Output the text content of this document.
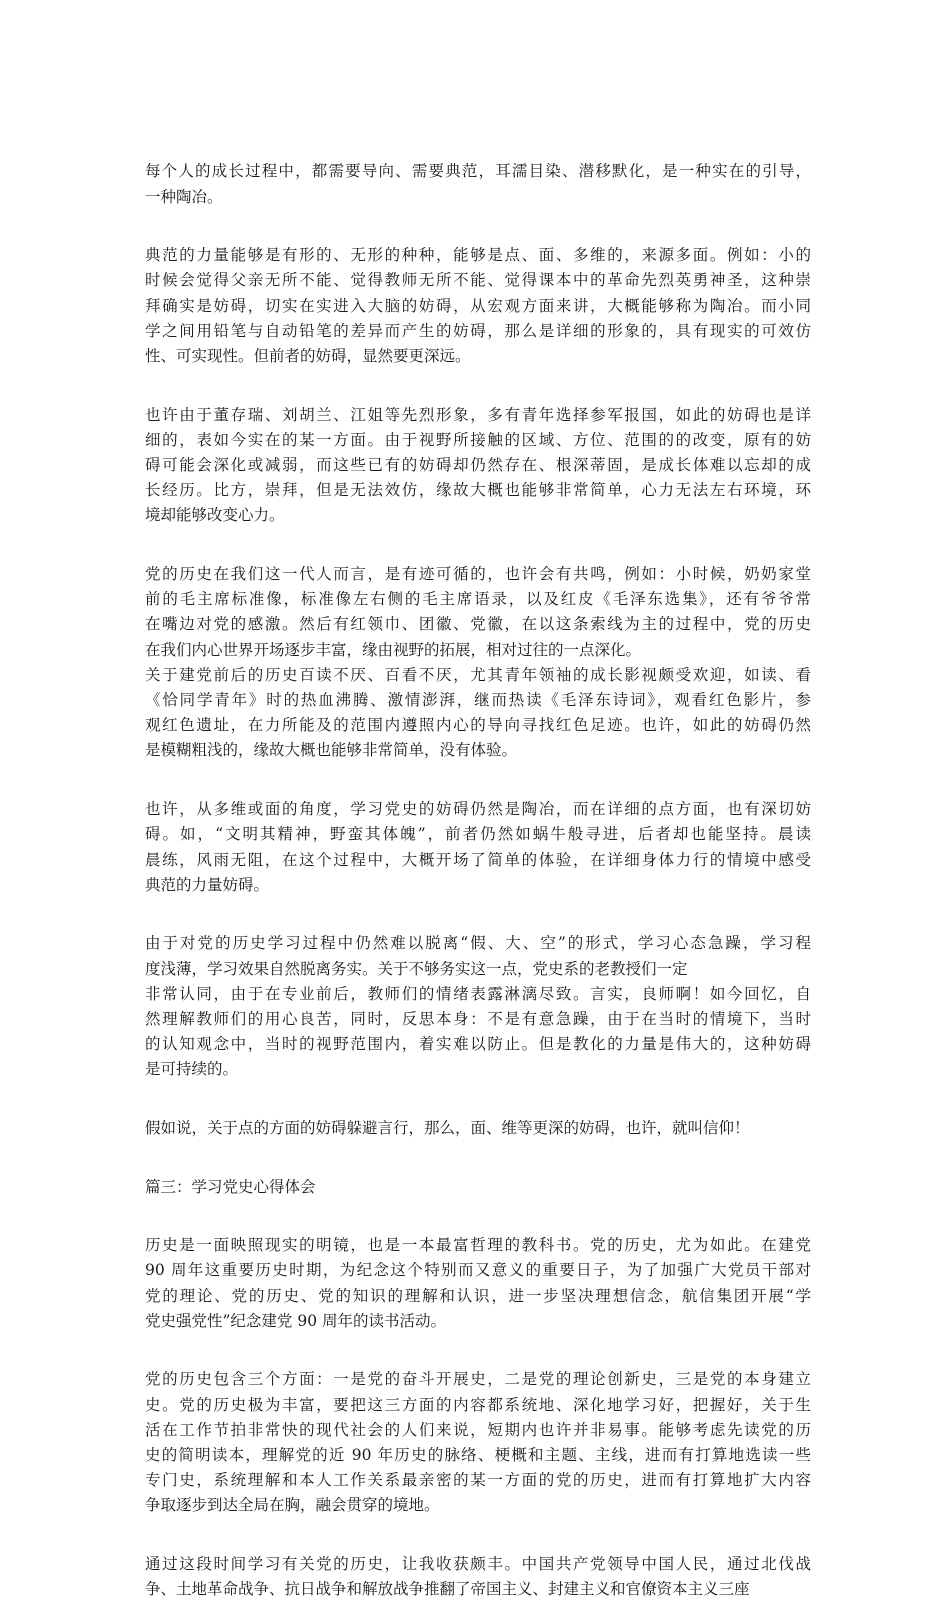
每个人的成长过程中，都需要导向、需要典范，耳濡目染、潜移默化，是一种实在的引导，
一种陶冶。
典范的力量能够是有形的、无形的种种，能够是点、面、多维的，来源多面。例如：小的
时候会觉得父亲无所不能、觉得教师无所不能、觉得课本中的革命先烈英勇神圣，这种崇
拜确实是妨碍，切实在实进入大脑的妨碍，从宏观方面来讲，大概能够称为陶冶。而小同
学之间用铅笔与自动铅笔的差异而产生的妨碍，那么是详细的形象的，具有现实的可效仿
性、可实现性。但前者的妨碍，显然要更深远。
也许由于董存瑞、刘胡兰、江姐等先烈形象，多有青年选择参军报国，如此的妨碍也是详
细的，表如今实在的某一方面。由于视野所接触的区域、方位、范围的的改变，原有的妨
碍可能会深化或减弱，而这些已有的妨碍却仍然存在、根深蒂固，是成长体难以忘却的成
长经历。比方，崇拜，但是无法效仿，缘故大概也能够非常简单，心力无法左右环境，环
境却能够改变心力。
党的历史在我们这一代人而言，是有迹可循的，也许会有共鸣，例如：小时候，奶奶家堂
前的毛主席标准像，标准像左右侧的毛主席语录，以及红皮《毛泽东选集》，还有爷爷常
在嘴边对党的感激。然后有红领巾、团徽、党徽，在以这条索线为主的过程中，党的历史
在我们内心世界开场逐步丰富，缘由视野的拓展，相对过往的一点深化。
关于建党前后的历史百读不厌、百看不厌，尤其青年领袖的成长影视颇受欢迎，如读、看
《恰同学青年》时的热血沸腾、激情澎湃，继而热读《毛泽东诗词》，观看红色影片，参
观红色遗址，在力所能及的范围内遵照内心的导向寻找红色足迹。也许，如此的妨碍仍然
是模糊粗浅的，缘故大概也能够非常简单，没有体验。
也许，从多维或面的角度，学习党史的妨碍仍然是陶冶，而在详细的点方面，也有深切妨
碍。如，“文明其精神，野蛮其体魄”，前者仍然如蜗牛般寻进，后者却也能坚持。晨读
晨练，风雨无阻，在这个过程中，大概开场了简单的体验，在详细身体力行的情境中感受
典范的力量妨碍。
由于对党的历史学习过程中仍然难以脱离“假、大、空”的形式，学习心态急躁，学习程
度浅薄，学习效果自然脱离务实。关于不够务实这一点，党史系的老教授们一定
非常认同，由于在专业前后，教师们的情绪表露淋漓尽致。言实，良师啊！如今回忆，自
然理解教师们的用心良苦，同时，反思本身：不是有意急躁，由于在当时的情境下，当时
的认知观念中，当时的视野范围内，着实难以防止。但是教化的力量是伟大的，这种妨碍
是可持续的。
假如说，关于点的方面的妨碍躲避言行，那么，面、维等更深的妨碍，也许，就叫信仰！
篇三：学习党史心得体会
历史是一面映照现实的明镜，也是一本最富哲理的教科书。党的历史，尤为如此。在建党
90 周年这重要历史时期，为纪念这个特别而又意义的重要日子，为了加强广大党员干部对
党的理论、党的历史、党的知识的理解和认识，进一步坚决理想信念，航信集团开展“学
党史强党性”纪念建党 90 周年的读书活动。
党的历史包含三个方面：一是党的奋斗开展史，二是党的理论创新史，三是党的本身建立
史。党的历史极为丰富，要把这三方面的内容都系统地、深化地学习好，把握好，关于生
活在工作节拍非常快的现代社会的人们来说，短期内也许并非易事。能够考虑先读党的历
史的简明读本，理解党的近 90 年历史的脉络、梗概和主题、主线，进而有打算地选读一些
专门史，系统理解和本人工作关系最亲密的某一方面的党的历史，进而有打算地扩大内容
争取逐步到达全局在胸，融会贯穿的境地。
通过这段时间学习有关党的历史，让我收获颇丰。中国共产党领导中国人民，通过北伐战
争、土地革命战争、抗日战争和解放战争推翻了帝国主义、封建主义和官僚资本主义三座
